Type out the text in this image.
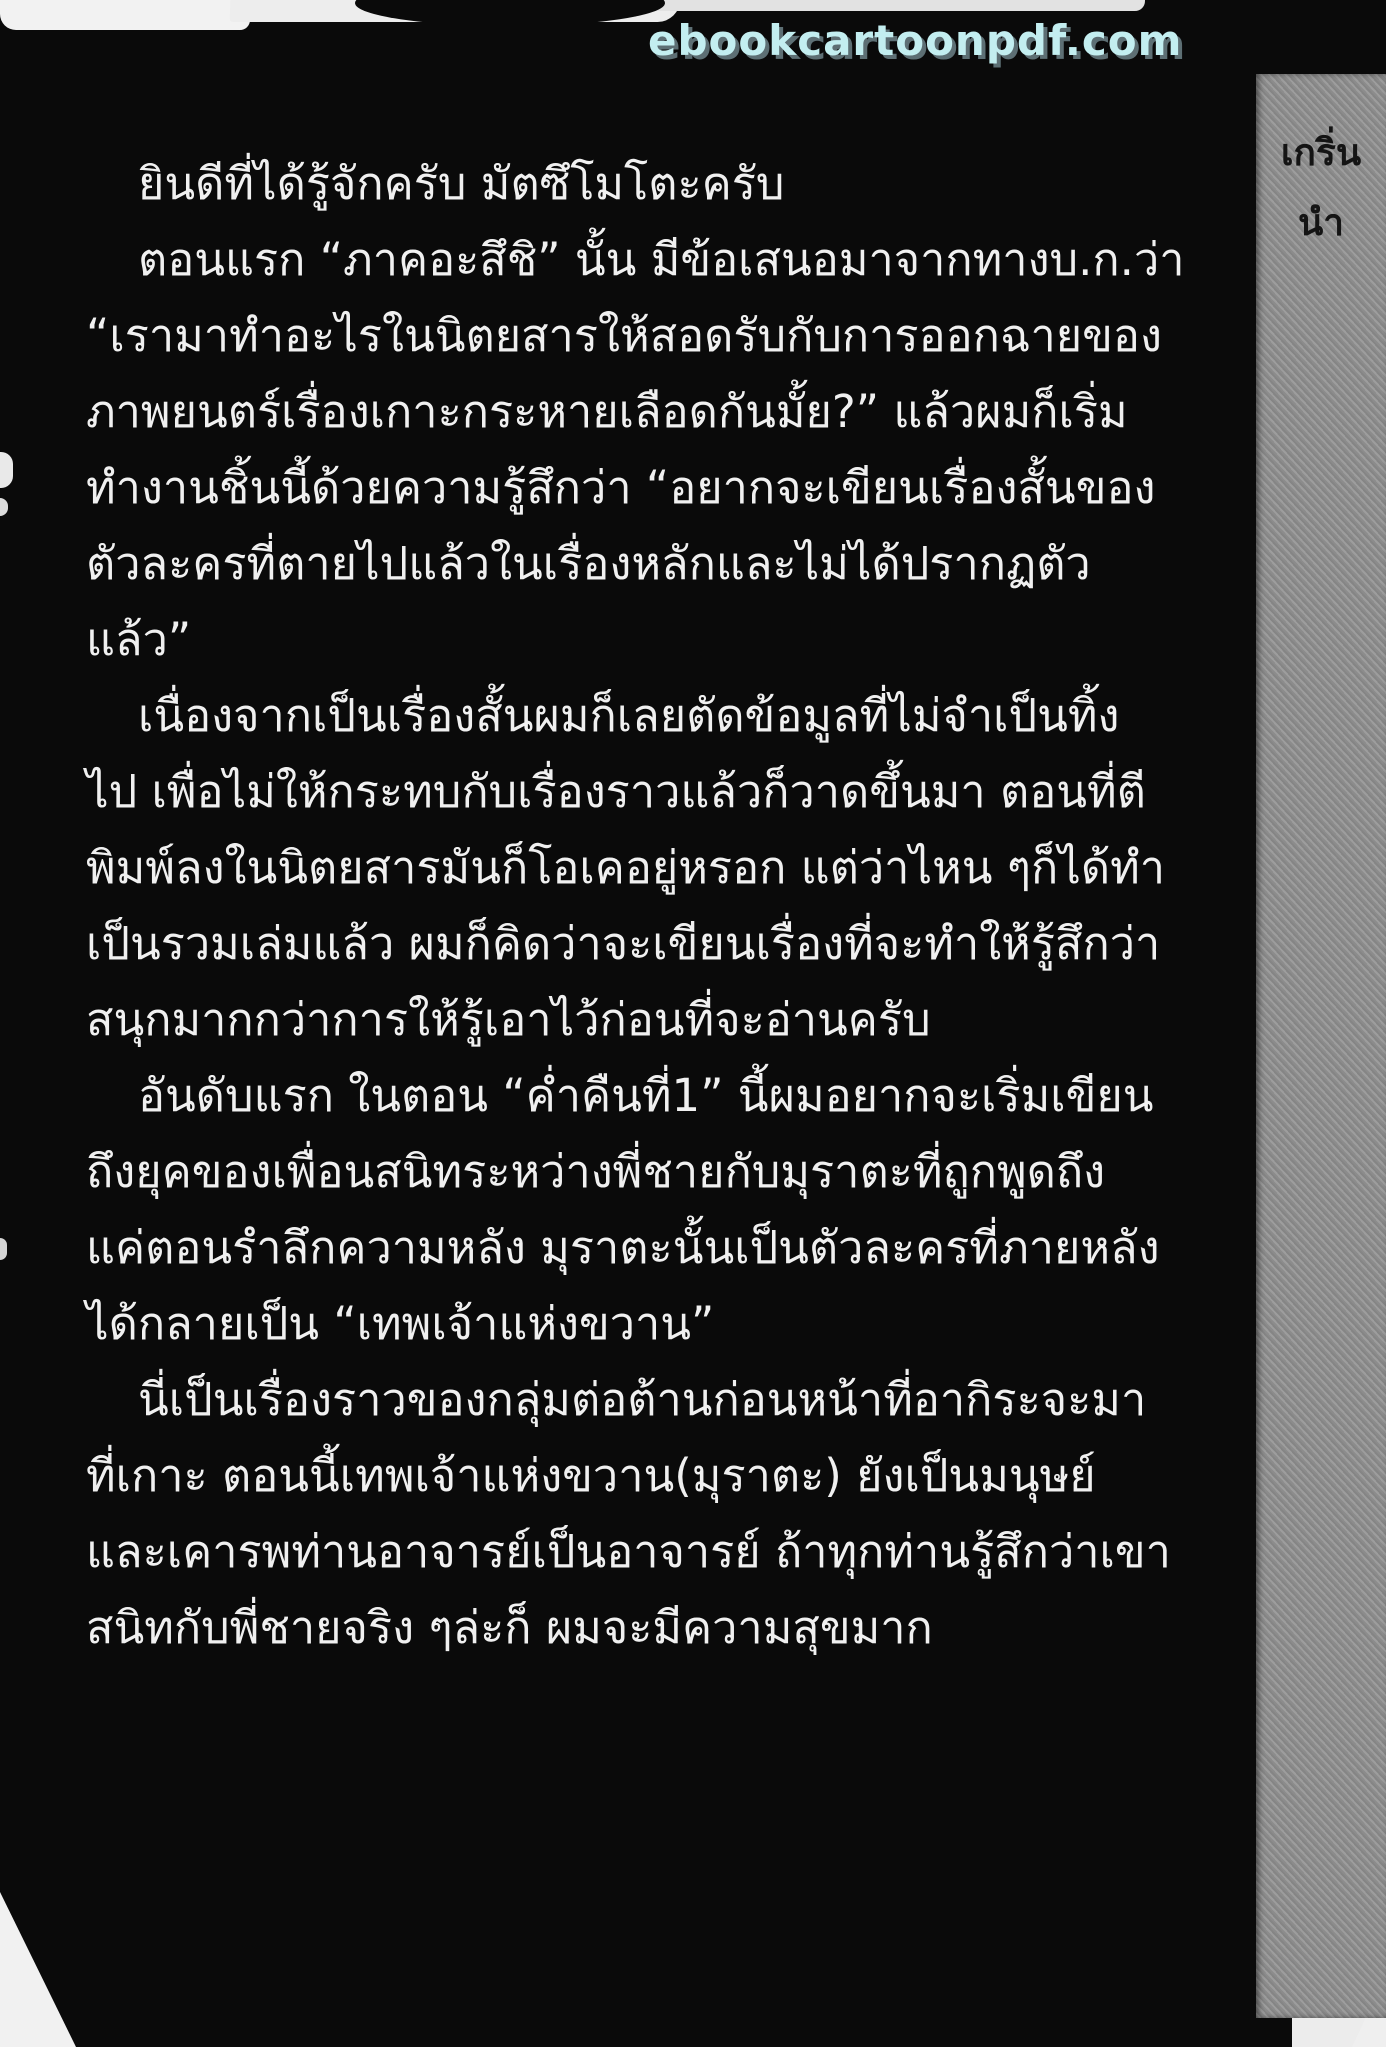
เกริ่น
นำ
ebookcartoonpdf.com
ยินดีที่ได้รู้จักครับ มัตซึโมโตะครับ
ตอนแรก “ภาคอะสึชิ” นั้น มีข้อเสนอมาจากทางบ.ก.ว่า
“เรามาทำอะไรในนิตยสารให้สอดรับกับการออกฉายของ
ภาพยนตร์เรื่องเกาะกระหายเลือดกันมั้ย?” แล้วผมก็เริ่ม
ทำงานชิ้นนี้ด้วยความรู้สึกว่า “อยากจะเขียนเรื่องสั้นของ
ตัวละครที่ตายไปแล้วในเรื่องหลักและไม่ได้ปรากฏตัว
แล้ว”
เนื่องจากเป็นเรื่องสั้นผมก็เลยตัดข้อมูลที่ไม่จำเป็นทิ้ง
ไป เพื่อไม่ให้กระทบกับเรื่องราวแล้วก็วาดขึ้นมา ตอนที่ตี
พิมพ์ลงในนิตยสารมันก็โอเคอยู่หรอก แต่ว่าไหน ๆก็ได้ทำ
เป็นรวมเล่มแล้ว ผมก็คิดว่าจะเขียนเรื่องที่จะทำให้รู้สึกว่า
สนุกมากกว่าการให้รู้เอาไว้ก่อนที่จะอ่านครับ
อันดับแรก ในตอน “ค่ำคืนที่1” นี้ผมอยากจะเริ่มเขียน
ถึงยุคของเพื่อนสนิทระหว่างพี่ชายกับมุราตะที่ถูกพูดถึง
แค่ตอนรำลึกความหลัง มุราตะนั้นเป็นตัวละครที่ภายหลัง
ได้กลายเป็น “เทพเจ้าแห่งขวาน”
นี่เป็นเรื่องราวของกลุ่มต่อต้านก่อนหน้าที่อากิระจะมา
ที่เกาะ ตอนนี้เทพเจ้าแห่งขวาน(มุราตะ) ยังเป็นมนุษย์
และเคารพท่านอาจารย์เป็นอาจารย์ ถ้าทุกท่านรู้สึกว่าเขา
สนิทกับพี่ชายจริง ๆล่ะก็ ผมจะมีความสุขมาก
